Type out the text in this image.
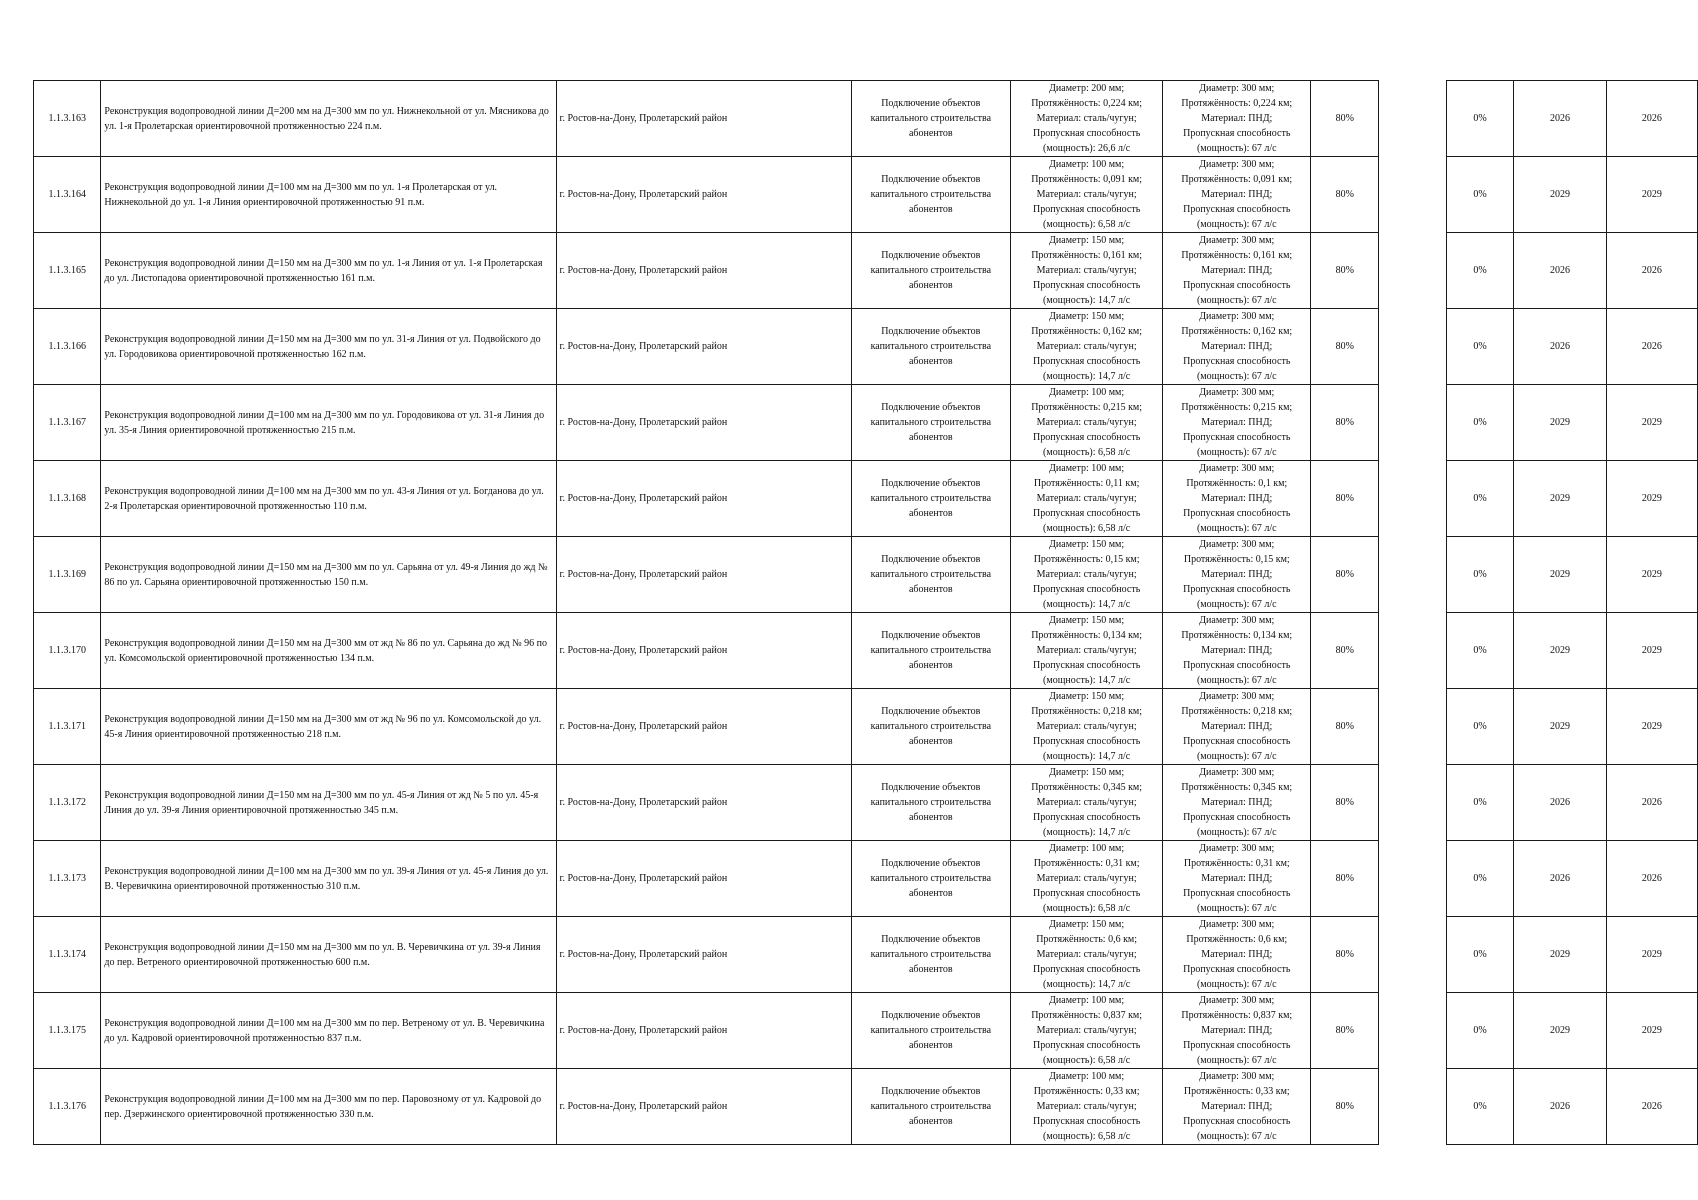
1.1.3.163	Реконструкция водопроводной линии Д=200 мм на Д=300 мм по ул. Нижнекольной от ул. Мясникова до ул. 1-я Пролетарская ориентировочной протяженностью 224 п.м.	г. Ростов-на-Дону, Пролетарский район	Подключение объектов капитального строительства абонентов	Диаметр: 200 мм;
Протяжённость: 0,224 км;
Материал: сталь/чугун;
Пропускная способность
(мощность): 26,6 л/с	Диаметр: 300 мм;
Протяжённость: 0,224 км;
Материал: ПНД;
Пропускная способность
(мощность): 67 л/с	80%		0%	2026	2026
1.1.3.164	Реконструкция водопроводной линии Д=100 мм на Д=300 мм по ул. 1-я Пролетарская от ул. Нижнекольной до ул. 1-я Линия ориентировочной протяженностью 91 п.м.	г. Ростов-на-Дону, Пролетарский район	Подключение объектов капитального строительства абонентов	Диаметр: 100 мм;
Протяжённость: 0,091 км;
Материал: сталь/чугун;
Пропускная способность
(мощность): 6,58 л/с	Диаметр: 300 мм;
Протяжённость: 0,091 км;
Материал: ПНД;
Пропускная способность
(мощность): 67 л/с	80%		0%	2029	2029
1.1.3.165	Реконструкция водопроводной линии Д=150 мм на Д=300 мм по ул. 1-я Линия от ул. 1-я Пролетарская до ул. Листопадова ориентировочной протяженностью 161 п.м.	г. Ростов-на-Дону, Пролетарский район	Подключение объектов капитального строительства абонентов	Диаметр: 150 мм;
Протяжённость: 0,161 км;
Материал: сталь/чугун;
Пропускная способность
(мощность): 14,7 л/с	Диаметр: 300 мм;
Протяжённость: 0,161 км;
Материал: ПНД;
Пропускная способность
(мощность): 67 л/с	80%		0%	2026	2026
1.1.3.166	Реконструкция водопроводной линии Д=150 мм на Д=300 мм по ул. 31-я Линия от ул. Подвойского до ул. Городовикова ориентировочной протяженностью 162 п.м.	г. Ростов-на-Дону, Пролетарский район	Подключение объектов капитального строительства абонентов	Диаметр: 150 мм;
Протяжённость: 0,162 км;
Материал: сталь/чугун;
Пропускная способность
(мощность): 14,7 л/с	Диаметр: 300 мм;
Протяжённость: 0,162 км;
Материал: ПНД;
Пропускная способность
(мощность): 67 л/с	80%		0%	2026	2026
1.1.3.167	Реконструкция водопроводной линии Д=100 мм на Д=300 мм по ул. Городовикова от ул. 31-я Линия до ул. 35-я Линия ориентировочной протяженностью 215 п.м.	г. Ростов-на-Дону, Пролетарский район	Подключение объектов капитального строительства абонентов	Диаметр: 100 мм;
Протяжённость: 0,215 км;
Материал: сталь/чугун;
Пропускная способность
(мощность): 6,58 л/с	Диаметр: 300 мм;
Протяжённость: 0,215 км;
Материал: ПНД;
Пропускная способность
(мощность): 67 л/с	80%		0%	2029	2029
1.1.3.168	Реконструкция водопроводной линии Д=100 мм на Д=300 мм по ул. 43-я Линия от ул. Богданова до ул. 2-я Пролетарская ориентировочной протяженностью 110 п.м.	г. Ростов-на-Дону, Пролетарский район	Подключение объектов капитального строительства абонентов	Диаметр: 100 мм;
Протяжённость: 0,11 км;
Материал: сталь/чугун;
Пропускная способность
(мощность): 6,58 л/с	Диаметр: 300 мм;
Протяжённость: 0,1 км;
Материал: ПНД;
Пропускная способность
(мощность): 67 л/с	80%		0%	2029	2029
1.1.3.169	Реконструкция водопроводной линии Д=150 мм на Д=300 мм по ул. Сарьяна от ул. 49-я Линия до жд № 86 по ул. Сарьяна ориентировочной протяженностью 150 п.м.	г. Ростов-на-Дону, Пролетарский район	Подключение объектов капитального строительства абонентов	Диаметр: 150 мм;
Протяжённость: 0,15 км;
Материал: сталь/чугун;
Пропускная способность
(мощность): 14,7 л/с	Диаметр: 300 мм;
Протяжённость: 0,15 км;
Материал: ПНД;
Пропускная способность
(мощность): 67 л/с	80%		0%	2029	2029
1.1.3.170	Реконструкция водопроводной линии Д=150 мм на Д=300 мм от жд № 86 по ул. Сарьяна до жд № 96 по ул. Комсомольской ориентировочной протяженностью 134 п.м.	г. Ростов-на-Дону, Пролетарский район	Подключение объектов капитального строительства абонентов	Диаметр: 150 мм;
Протяжённость: 0,134 км;
Материал: сталь/чугун;
Пропускная способность
(мощность): 14,7 л/с	Диаметр: 300 мм;
Протяжённость: 0,134 км;
Материал: ПНД;
Пропускная способность
(мощность): 67 л/с	80%		0%	2029	2029
1.1.3.171	Реконструкция водопроводной линии Д=150 мм на Д=300 мм от жд № 96 по ул. Комсомольской до ул. 45-я Линия ориентировочной протяженностью 218 п.м.	г. Ростов-на-Дону, Пролетарский район	Подключение объектов капитального строительства абонентов	Диаметр: 150 мм;
Протяжённость: 0,218 км;
Материал: сталь/чугун;
Пропускная способность
(мощность): 14,7 л/с	Диаметр: 300 мм;
Протяжённость: 0,218 км;
Материал: ПНД;
Пропускная способность
(мощность): 67 л/с	80%		0%	2029	2029
1.1.3.172	Реконструкция водопроводной линии Д=150 мм на Д=300 мм по ул. 45-я Линия от жд № 5 по ул. 45-я Линия до ул. 39-я Линия ориентировочной протяженностью 345 п.м.	г. Ростов-на-Дону, Пролетарский район	Подключение объектов капитального строительства абонентов	Диаметр: 150 мм;
Протяжённость: 0,345 км;
Материал: сталь/чугун;
Пропускная способность
(мощность): 14,7 л/с	Диаметр: 300 мм;
Протяжённость: 0,345 км;
Материал: ПНД;
Пропускная способность
(мощность): 67 л/с	80%		0%	2026	2026
1.1.3.173	Реконструкция водопроводной линии Д=100 мм на Д=300 мм по ул. 39-я Линия от ул. 45-я Линия до ул. В. Черевичкина ориентировочной протяженностью 310 п.м.	г. Ростов-на-Дону, Пролетарский район	Подключение объектов капитального строительства абонентов	Диаметр: 100 мм;
Протяжённость: 0,31 км;
Материал: сталь/чугун;
Пропускная способность
(мощность): 6,58 л/с	Диаметр: 300 мм;
Протяжённость: 0,31 км;
Материал: ПНД;
Пропускная способность
(мощность): 67 л/с	80%		0%	2026	2026
1.1.3.174	Реконструкция водопроводной линии Д=150 мм на Д=300 мм по ул. В. Черевичкина от ул. 39-я Линия до пер. Ветреного ориентировочной протяженностью 600 п.м.	г. Ростов-на-Дону, Пролетарский район	Подключение объектов капитального строительства абонентов	Диаметр: 150 мм;
Протяжённость: 0,6 км;
Материал: сталь/чугун;
Пропускная способность
(мощность): 14,7 л/с	Диаметр: 300 мм;
Протяжённость: 0,6 км;
Материал: ПНД;
Пропускная способность
(мощность): 67 л/с	80%		0%	2029	2029
1.1.3.175	Реконструкция водопроводной линии Д=100 мм на Д=300 мм по пер. Ветреному от ул. В. Черевичкина до ул. Кадровой ориентировочной протяженностью 837 п.м.	г. Ростов-на-Дону, Пролетарский район	Подключение объектов капитального строительства абонентов	Диаметр: 100 мм;
Протяжённость: 0,837 км;
Материал: сталь/чугун;
Пропускная способность
(мощность): 6,58 л/с	Диаметр: 300 мм;
Протяжённость: 0,837 км;
Материал: ПНД;
Пропускная способность
(мощность): 67 л/с	80%		0%	2029	2029
1.1.3.176	Реконструкция водопроводной линии Д=100 мм на Д=300 мм по пер. Паровозному от ул. Кадровой до пер. Дзержинского ориентировочной протяженностью 330 п.м.	г. Ростов-на-Дону, Пролетарский район	Подключение объектов капитального строительства абонентов	Диаметр: 100 мм;
Протяжённость: 0,33 км;
Материал: сталь/чугун;
Пропускная способность
(мощность): 6,58 л/с	Диаметр: 300 мм;
Протяжённость: 0,33 км;
Материал: ПНД;
Пропускная способность
(мощность): 67 л/с	80%		0%	2026	2026
